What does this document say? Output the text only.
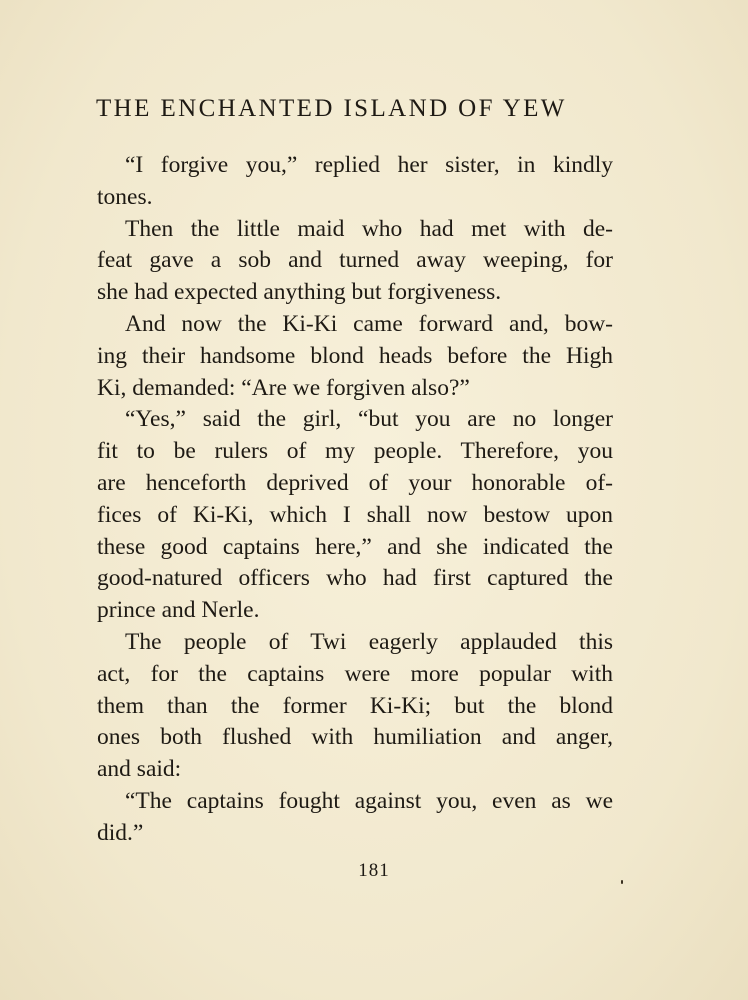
THE ENCHANTED ISLAND OF YEW
“I forgive you,” replied her sister, in kindly
tones.
Then the little maid who had met with de-
feat gave a sob and turned away weeping, for
she had expected anything but forgiveness.
And now the Ki-Ki came forward and, bow-
ing their handsome blond heads before the High
Ki, demanded: “Are we forgiven also?”
“Yes,” said the girl, “but you are no longer
fit to be rulers of my people. Therefore, you
are henceforth deprived of your honorable of-
fices of Ki-Ki, which I shall now bestow upon
these good captains here,” and she indicated the
good-natured officers who had first captured the
prince and Nerle.
The people of Twi eagerly applauded this
act, for the captains were more popular with
them than the former Ki-Ki; but the blond
ones both flushed with humiliation and anger,
and said:
“The captains fought against you, even as we
did.”
181
